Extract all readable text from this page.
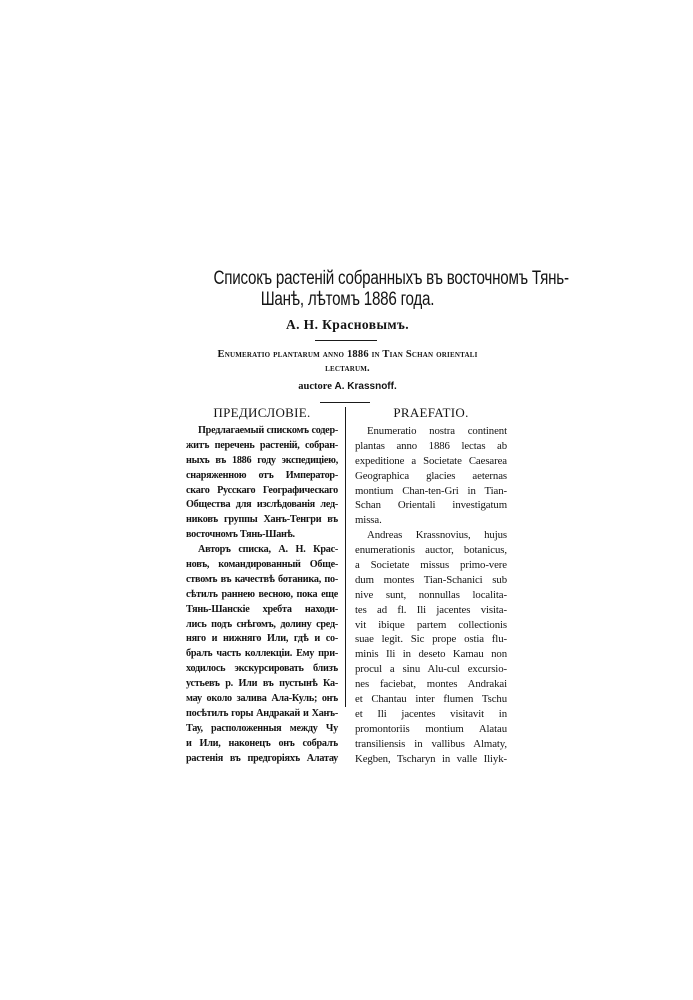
Списокъ растеній собранныхъ въ восточномъ Тянь-
Шанѣ, лѣтомъ 1886 года.
А. Н. Красновымъ.
Enumeratio plantarum anno 1886 in Tian Schan orientali
lectarum.
auctore A. Krassnoff.
ПРЕДИСЛОВІЕ.
Предлагаемый спискомъ содер-
житъ перечень растеній, собран-
ныхъ въ 1886 году экспедиціею,
снаряженною отъ Император-
скаго Русскаго Географическаго
Общества для изслѣдованія лед-
никовъ группы Ханъ-Тенгри въ
восточномъ Тянь-Шанѣ.
Авторъ списка, А. Н. Крас-
новъ, командированный Обще-
ствомъ въ качествѣ ботаника, по-
сѣтилъ раннею весною, пока еще
Тянь-Шанскіе хребта находи-
лись подъ снѣгомъ, долину сред-
няго и нижняго Или, гдѣ и со-
бралъ часть коллекціи. Ему при-
ходилось экскурсировать близъ
устьевъ р. Или въ пустынѣ Ка-
мау около залива Ала-Куль; онъ
посѣтилъ горы Андракай и Ханъ-
Тау, расположенныя между Чу
и Или, наконецъ онъ собралъ
растенія въ предгоріяхъ Алатау
PRAEFATIO.
Enumeratio nostra continent
plantas anno 1886 lectas ab
expeditione a Societate Caesarea
Geographica glacies aeternas
montium Chan-ten-Gri in Tian-
Schan Orientali investigatum
missa.
Andreas Krassnovius, hujus
enumerationis auctor, botanicus,
a Societate missus primo-vere
dum montes Tian-Schanici sub
nive sunt, nonnullas localita-
tes ad fl. Ili jacentes visita-
vit ibique partem collectionis
suae legit. Sic prope ostia flu-
minis Ili in deseto Kamau non
procul a sinu Alu-cul excursio-
nes faciebat, montes Andrakai
et Chantau inter flumen Tschu
et Ili jacentes visitavit in
promontoriis montium Alatau
transiliensis in vallibus Almaty,
Kegben, Tscharyn in valle Iliyk-
